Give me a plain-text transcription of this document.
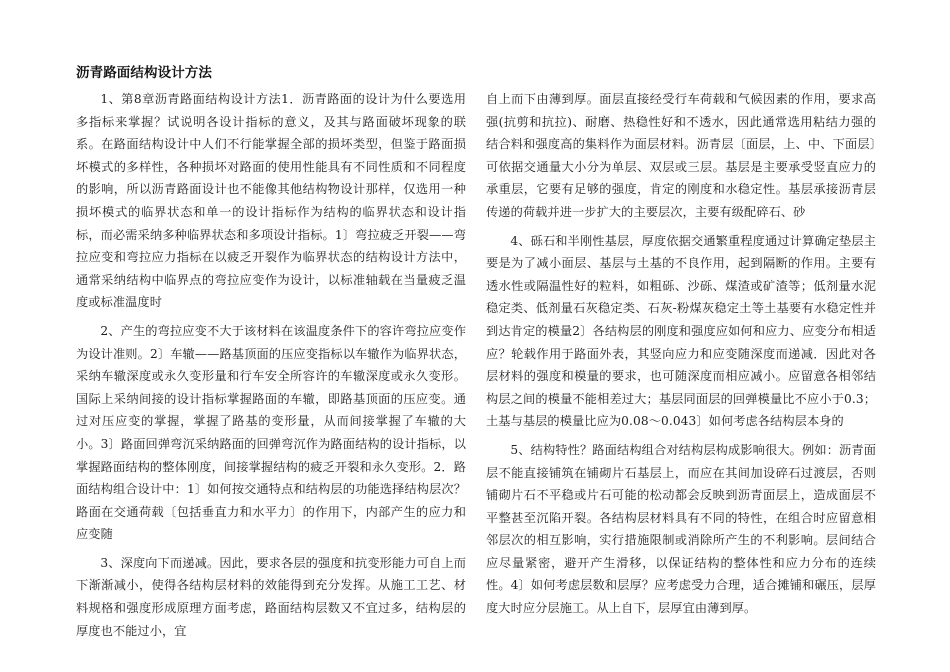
沥青路面结构设计方法

1、第8章沥青路面结构设计方法1．沥青路面的设计为什么要选用多指标来掌握？试说明各设计指标的意义，及其与路面破坏现象的联系。在路面结构设计中人们不行能掌握全部的损坏类型，但鉴于路面损坏模式的多样性，各种损坏对路面的使用性能具有不同性质和不同程度的影响，所以沥青路面设计也不能像其他结构物设计那样，仅选用一种损坏模式的临界状态和单一的设计指标作为结构的临界状态和设计指标，而必需采纳多种临界状态和多项设计指标。1〕弯拉疲乏开裂——弯拉应变和弯拉应力指标在以疲乏开裂作为临界状态的结构设计方法中，通常采纳结构中临界点的弯拉应变作为设计，以标准轴载在当量疲乏温度或标准温度时

2、产生的弯拉应变不大于该材料在该温度条件下的容许弯拉应变作为设计准则。2〕车辙——路基顶面的压应变指标以车辙作为临界状态，采纳车辙深度或永久变形量和行车安全所容许的车辙深度或永久变形。国际上采纳间接的设计指标掌握路面的车辙，即路基顶面的压应变。通过对压应变的掌握，掌握了路基的变形量，从而间接掌握了车辙的大小。3〕路面回弹弯沉采纳路面的回弹弯沉作为路面结构的设计指标，以掌握路面结构的整体刚度，间接掌握结构的疲乏开裂和永久变形。2．路面结构组合设计中：1〕如何按交通特点和结构层的功能选择结构层次？路面在交通荷载〔包括垂直力和水平力〕的作用下，内部产生的应力和应变随

3、深度向下而递减。因此，要求各层的强度和抗变形能力可自上而下渐渐减小，使得各结构层材料的效能得到充分发挥。从施工工艺、材料规格和强度形成原理方面考虑，路面结构层数又不宜过多，结构层的厚度也不能过小，宜

自上而下由薄到厚。面层直接经受行车荷载和气候因素的作用，要求高强(抗剪和抗拉)、耐磨、热稳性好和不透水，因此通常选用粘结力强的结合料和强度高的集料作为面层材料。沥青层〔面层，上、中、下面层〕可依据交通量大小分为单层、双层或三层。基层是主要承受竖直应力的承重层，它要有足够的强度，肯定的刚度和水稳定性。基层承接沥青层传递的荷载并进一步扩大的主要层次，主要有级配碎石、砂

4、砾石和半刚性基层，厚度依据交通繁重程度通过计算确定垫层主要是为了减小面层、基层与土基的不良作用，起到隔断的作用。主要有透水性或隔温性好的粒料，如粗砾、沙砾、煤渣或矿渣等；低剂量水泥稳定类、低剂量石灰稳定类、石灰-粉煤灰稳定土等土基要有水稳定性并到达肯定的模量2〕各结构层的刚度和强度应如何和应力、应变分布相适应？轮载作用于路面外表，其竖向应力和应变随深度而递减．因此对各层材料的强度和模量的要求，也可随深度而相应减小。应留意各相邻结构层之间的模量不能相差过大；基层同面层的回弹模量比不应小于0.3；土基与基层的模量比应为0.08～0.043〕如何考虑各结构层本身的

5、结构特性？路面结构组合对结构层构成影响很大。例如：沥青面层不能直接铺筑在铺砌片石基层上，而应在其间加设碎石过渡层，否则铺砌片石不平稳或片石可能的松动都会反映到沥青面层上，造成面层不平整甚至沉陷开裂。各结构层材料具有不同的特性，在组合时应留意相邻层次的相互影响，实行措施限制或消除所产生的不利影响。层间结合应尽量紧密，避开产生滑移，以保证结构的整体性和应力分布的连续性。4〕如何考虑层数和层厚？应考虑受力合理，适合摊铺和碾压，层厚度大时应分层施工。从上自下，层厚宜由薄到厚。
